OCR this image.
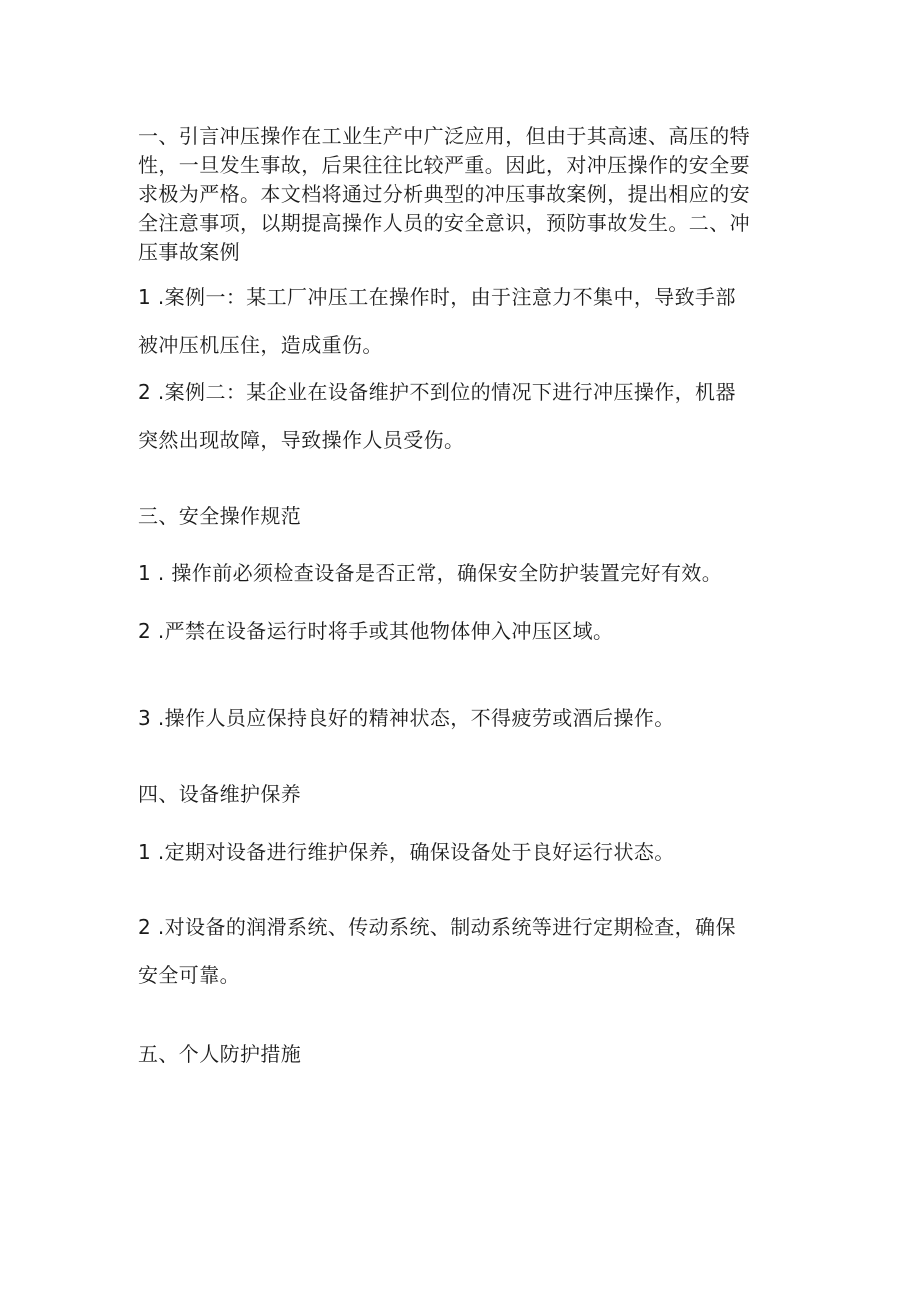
一、引言冲压操作在工业生产中广泛应用，但由于其高速、高压的特
性，一旦发生事故，后果往往比较严重。因此，对冲压操作的安全要
求极为严格。本文档将通过分析典型的冲压事故案例，提出相应的安
全注意事项，以期提高操作人员的安全意识，预防事故发生。二、冲
压事故案例
1 .案例一：某工厂冲压工在操作时，由于注意力不集中，导致手部
被冲压机压住，造成重伤。
2 .案例二：某企业在设备维护不到位的情况下进行冲压操作，机器
突然出现故障，导致操作人员受伤。
三、安全操作规范
1 . 操作前必须检查设备是否正常，确保安全防护装置完好有效。
2 .严禁在设备运行时将手或其他物体伸入冲压区域。
3 .操作人员应保持良好的精神状态，不得疲劳或酒后操作。
四、设备维护保养
1 .定期对设备进行维护保养，确保设备处于良好运行状态。
2 .对设备的润滑系统、传动系统、制动系统等进行定期检查，确保
安全可靠。
五、个人防护措施
